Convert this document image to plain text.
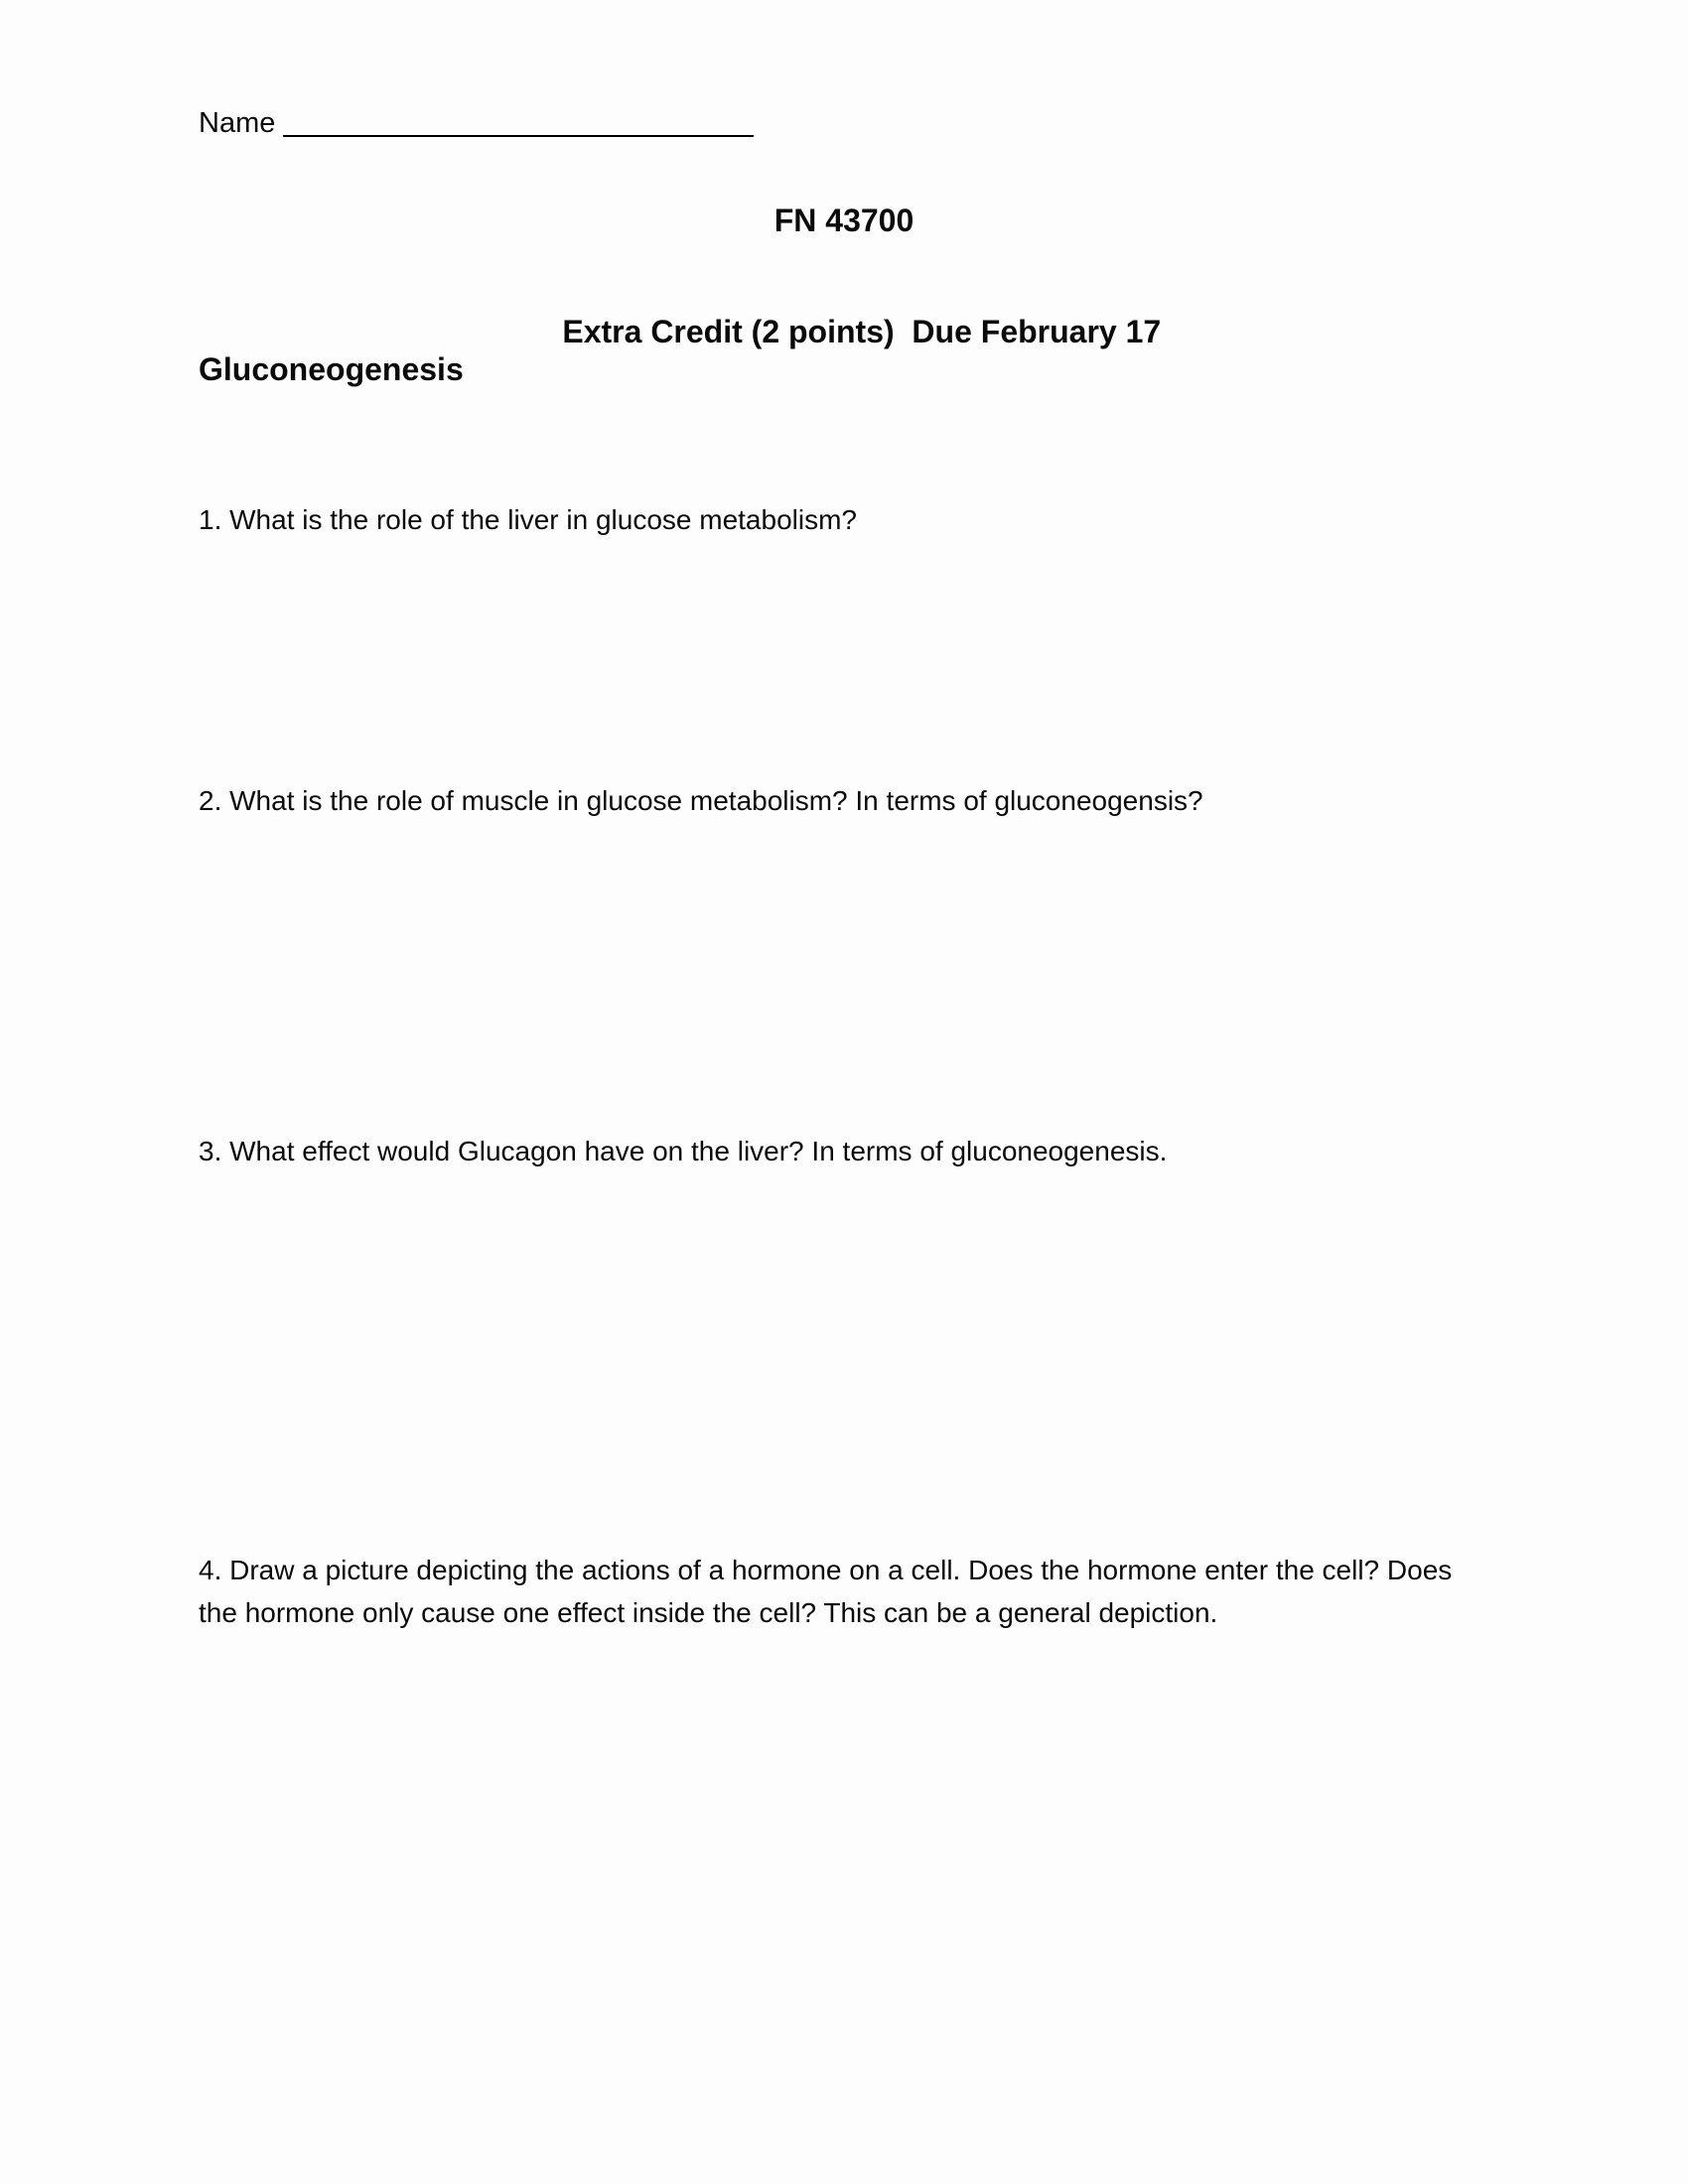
Name
FN 43700

Extra Credit (2 points)  Due February 17

Gluconeogenesis
1. What is the role of the liver in glucose metabolism?
2. What is the role of muscle in glucose metabolism? In terms of gluconeogensis?
3. What effect would Glucagon have on the liver? In terms of gluconeogenesis.
4. Draw a picture depicting the actions of a hormone on a cell. Does the hormone enter the cell? Does the hormone only cause one effect inside the cell? This can be a general depiction.
